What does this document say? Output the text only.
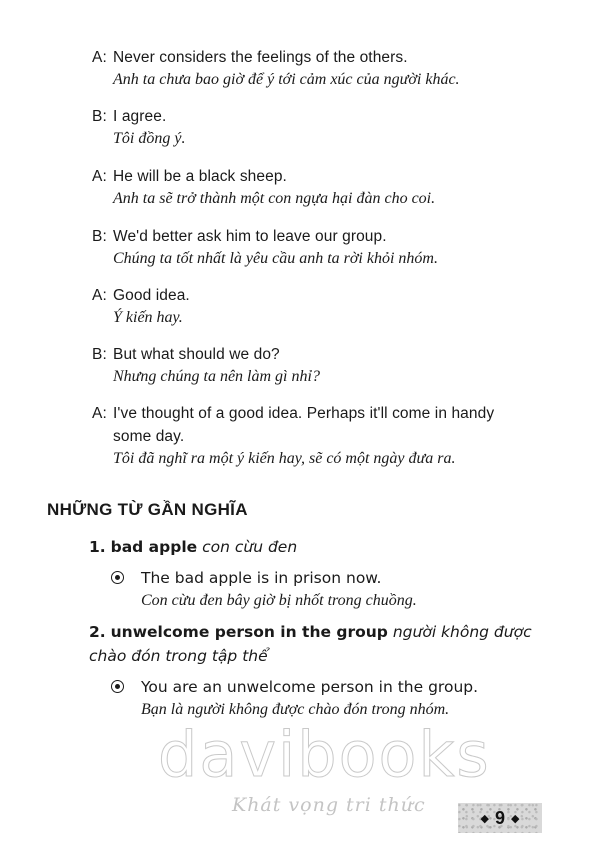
A: Never considers the feelings of the others.
Anh ta chưa bao giờ để ý tới cảm xúc của người khác.
B: I agree.
Tôi đồng ý.
A: He will be a black sheep.
Anh ta sẽ trở thành một con ngựa hại đàn cho coi.
B: We'd better ask him to leave our group.
Chúng ta tốt nhất là yêu cầu anh ta rời khỏi nhóm.
A: Good idea.
Ý kiến hay.
B: But what should we do?
Nhưng chúng ta nên làm gì nhỉ?
A: I've thought of a good idea. Perhaps it'll come in handy some day.
Tôi đã nghĩ ra một ý kiến hay, sẽ có một ngày đưa ra.
NHỮNG TỪ GẦN NGHĨA
1. bad apple con cừu đen
The bad apple is in prison now.
Con cừu đen bây giờ bị nhốt trong chuồng.
2. unwelcome person in the group người không được chào đón trong tập thể
You are an unwelcome person in the group.
Bạn là người không được chào đón trong nhóm.
davibooks
Khát vọng tri thức
◆ 9 ◆
